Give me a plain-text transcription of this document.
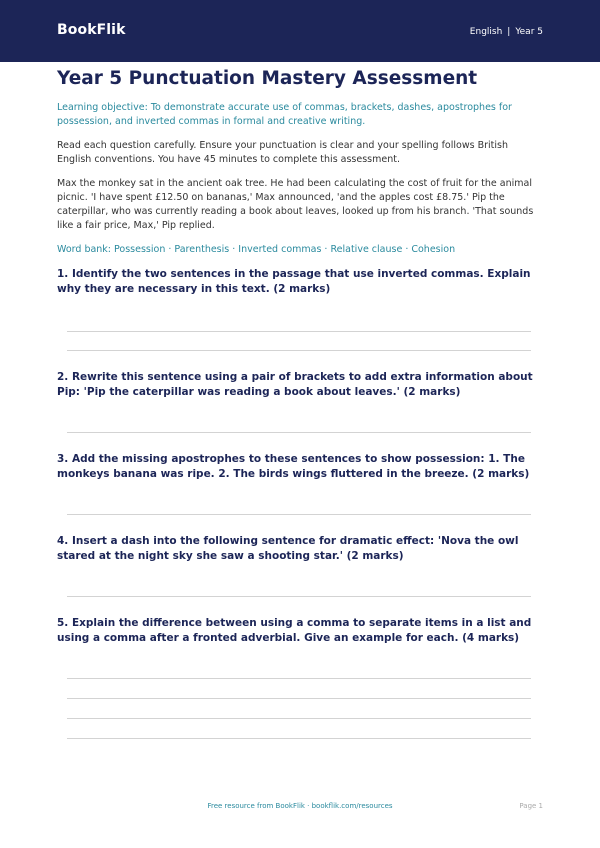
BookFlik	English | Year 5
Year 5 Punctuation Mastery Assessment
Learning objective: To demonstrate accurate use of commas, brackets, dashes, apostrophes for possession, and inverted commas in formal and creative writing.
Read each question carefully. Ensure your punctuation is clear and your spelling follows British English conventions. You have 45 minutes to complete this assessment.
Max the monkey sat in the ancient oak tree. He had been calculating the cost of fruit for the animal picnic. 'I have spent £12.50 on bananas,' Max announced, 'and the apples cost £8.75.' Pip the caterpillar, who was currently reading a book about leaves, looked up from his branch. 'That sounds like a fair price, Max,' Pip replied.
Word bank: Possession · Parenthesis · Inverted commas · Relative clause · Cohesion
1. Identify the two sentences in the passage that use inverted commas. Explain why they are necessary in this text. (2 marks)
2. Rewrite this sentence using a pair of brackets to add extra information about Pip: 'Pip the caterpillar was reading a book about leaves.' (2 marks)
3. Add the missing apostrophes to these sentences to show possession: 1. The monkeys banana was ripe. 2. The birds wings fluttered in the breeze. (2 marks)
4. Insert a dash into the following sentence for dramatic effect: 'Nova the owl stared at the night sky she saw a shooting star.' (2 marks)
5. Explain the difference between using a comma to separate items in a list and using a comma after a fronted adverbial. Give an example for each. (4 marks)
Free resource from BookFlik · bookflik.com/resources	Page 1
